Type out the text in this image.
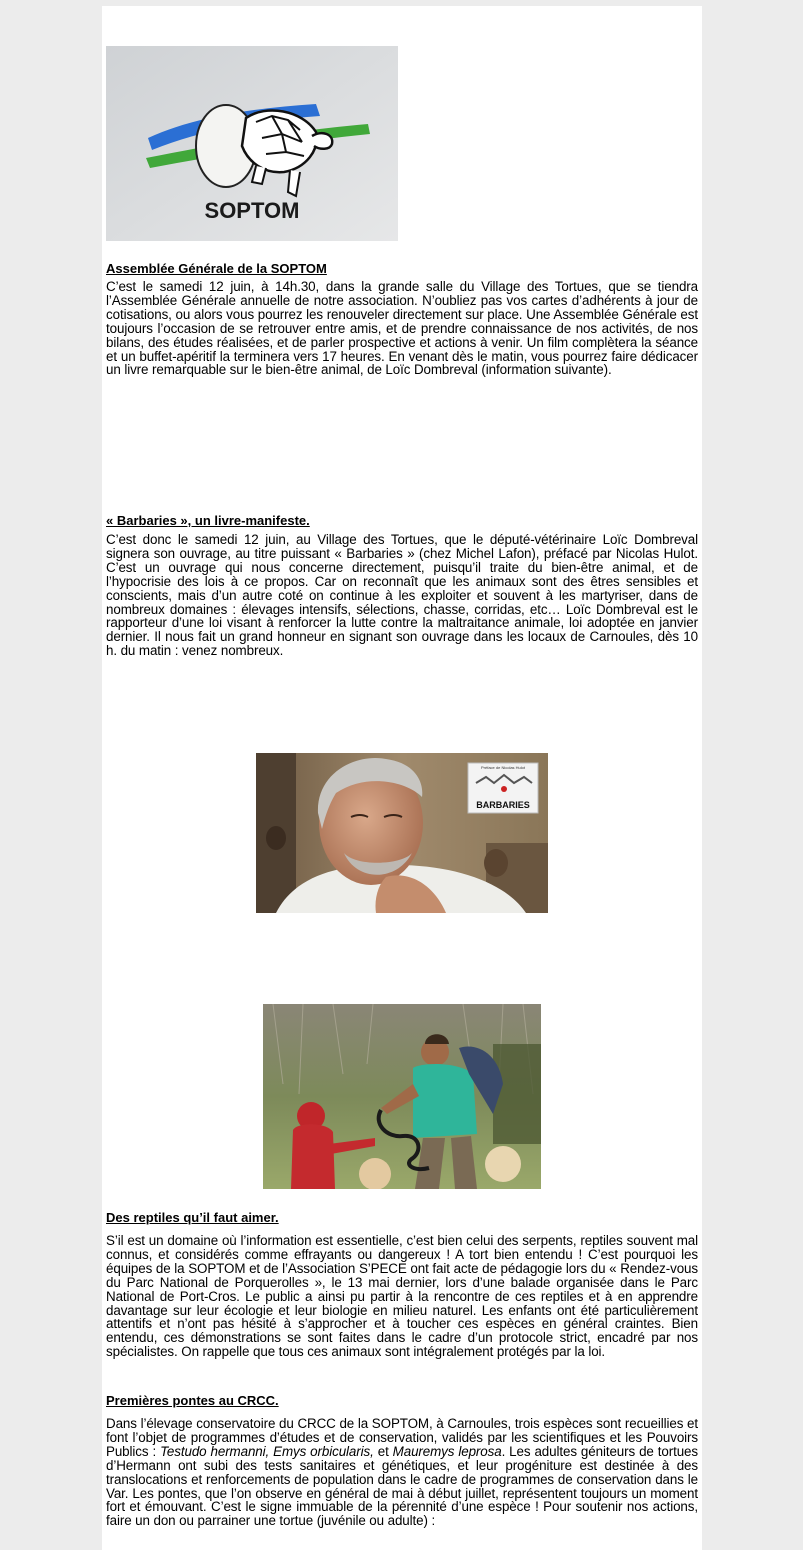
SOPTOM
Assemblée Générale de la SOPTOM

C’est le samedi 12 juin, à 14h.30, dans la grande salle du Village des Tortues, que se tiendra l’Assemblée Générale annuelle de notre association. N’oubliez pas vos cartes d’adhérents à jour de cotisations, ou alors vous pourrez les renouveler directement sur place. Une Assemblée Générale est toujours l’occasion de se retrouver entre amis, et de prendre connaissance de nos activités, de nos bilans, des études réalisées, et de parler prospective et actions à venir. Un film complètera la séance et un buffet-apéritif la terminera vers 17 heures. En venant dès le matin, vous pourrez faire dédicacer un livre remarquable sur le bien-être animal, de Loïc Dombreval (information suivante).

« Barbaries », un livre-manifeste.

C’est donc le samedi 12 juin, au Village des Tortues, que le député-vétérinaire Loïc Dombreval signera son ouvrage, au titre puissant « Barbaries » (chez Michel Lafon), préfacé par Nicolas Hulot. C’est un ouvrage qui nous concerne directement, puisqu’il traite du bien-être animal, et de l’hypocrisie des lois à ce propos. Car on reconnaît que les animaux sont des êtres sensibles et conscients, mais d’un autre coté on continue à les exploiter et souvent à les martyriser, dans de nombreux domaines : élevages intensifs, sélections, chasse, corridas, etc… Loïc Dombreval est le rapporteur d’une loi visant à renforcer la lutte contre la maltraitance animale, loi adoptée en janvier dernier. Il nous fait un grand honneur en signant son ouvrage dans les locaux de Carnoules, dès 10 h. du matin : venez nombreux.

Préface de Nicolas Hulot
BARBARIES
Des reptiles qu’il faut aimer.

S’il est un domaine où l’information est essentielle, c’est bien celui des serpents, reptiles souvent mal connus, et considérés comme effrayants ou dangereux ! A tort bien entendu ! C’est pourquoi les équipes de la SOPTOM et de l’Association S’PECE ont fait acte de pédagogie lors du « Rendez-vous du Parc National de Porquerolles », le 13 mai dernier, lors d’une balade organisée dans le Parc National de Port-Cros. Le public a ainsi pu partir à la rencontre de ces reptiles et à en apprendre davantage sur leur écologie et leur biologie en milieu naturel. Les enfants ont été particulièrement attentifs et n’ont pas hésité à s’approcher et à toucher ces espèces en général craintes. Bien entendu, ces démonstrations se sont faites dans le cadre d’un protocole strict, encadré par nos spécialistes. On rappelle que tous ces animaux sont intégralement protégés par la loi.

Premières pontes au CRCC.

Dans l’élevage conservatoire du CRCC de la SOPTOM, à Carnoules, trois espèces sont recueillies et font l’objet de programmes d’études et de conservation, validés par les scientifiques et les Pouvoirs Publics : Testudo hermanni, Emys orbicularis, et Mauremys leprosa. Les adultes géniteurs de tortues d’Hermann ont subi des tests sanitaires et génétiques, et leur progéniture est destinée à des translocations et renforcements de population dans le cadre de programmes de conservation dans le Var. Les pontes, que l’on observe en général de mai à début juillet, représentent toujours un moment fort et émouvant. C’est le signe immuable de la pérennité d’une espèce ! Pour soutenir nos actions, faire un don ou parrainer une tortue (juvénile ou adulte) :
